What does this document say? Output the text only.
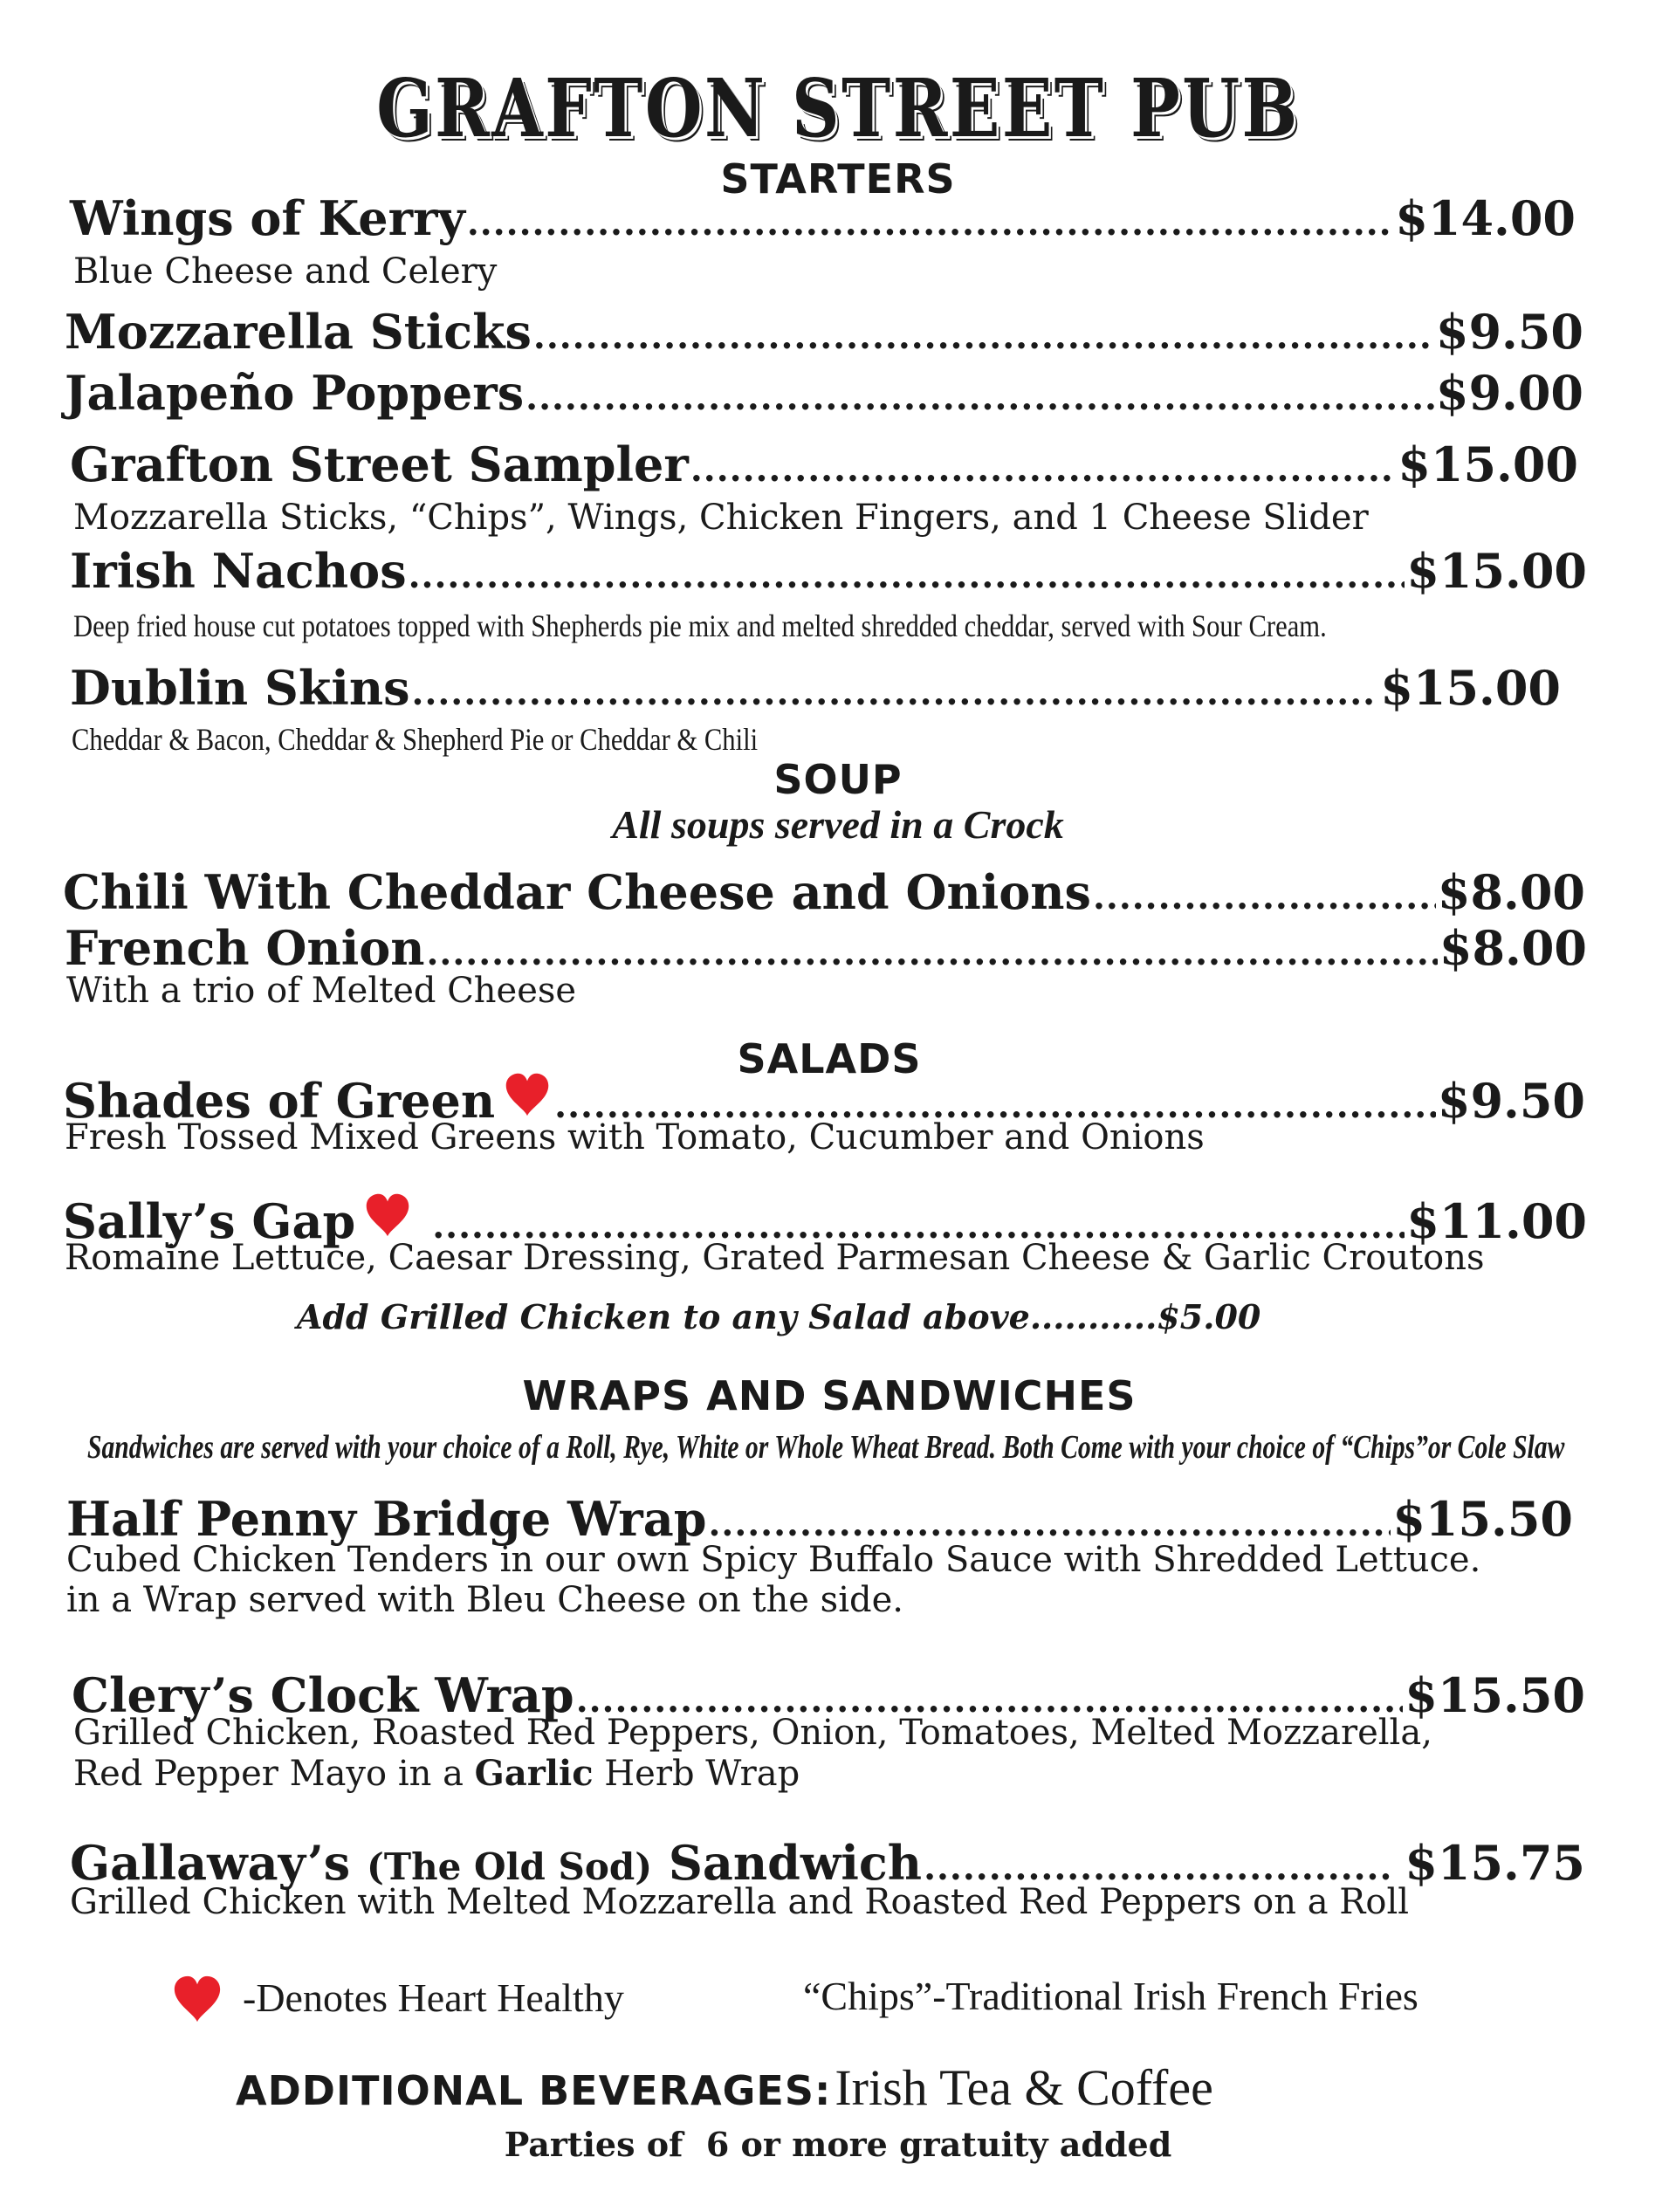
GRAFTON STREET PUB
STARTERS
Wings of Kerry .....	$14.00
Blue Cheese and Celery
Mozzarella Sticks .....	$9.50
Jalapeño Poppers .....	$9.00
Grafton Street Sampler .....	$15.00
Mozzarella Sticks, “Chips”, Wings, Chicken Fingers, and 1 Cheese Slider
Irish Nachos .....	$15.00
Deep fried house cut potatoes topped with Shepherds pie mix and melted shredded cheddar, served with Sour Cream.
Dublin Skins .....	$15.00
Cheddar & Bacon, Cheddar & Shepherd Pie or Cheddar & Chili
SOUP
All soups served in a Crock
Chili With Cheddar Cheese and Onions .....	$8.00
French Onion .....	$8.00
With a trio of Melted Cheese
SALADS
Shades of Green .....	$9.50
Fresh Tossed Mixed Greens with Tomato, Cucumber and Onions
Sally’s Gap .....	$11.00
Romaine Lettuce, Caesar Dressing, Grated Parmesan Cheese & Garlic Croutons
Add Grilled Chicken to any Salad above...........$5.00
WRAPS AND SANDWICHES
Sandwiches are served with your choice of a Roll, Rye, White or Whole Wheat Bread. Both Come with your choice of “Chips”or Cole Slaw
Half Penny Bridge Wrap .....	$15.50
Cubed Chicken Tenders in our own Spicy Buffalo Sauce with Shredded Lettuce.
in a Wrap served with Bleu Cheese on the side.
Clery’s Clock Wrap .....	$15.50
Grilled Chicken, Roasted Red Peppers, Onion, Tomatoes, Melted Mozzarella,
Red Pepper Mayo in a Garlic Herb Wrap
Gallaway’s (The Old Sod) Sandwich .....	$15.75
Grilled Chicken with Melted Mozzarella and Roasted Red Peppers on a Roll
-Denotes Heart Healthy	“Chips”-Traditional Irish French Fries
ADDITIONAL BEVERAGES: Irish Tea & Coffee
Parties of  6 or more gratuity added
